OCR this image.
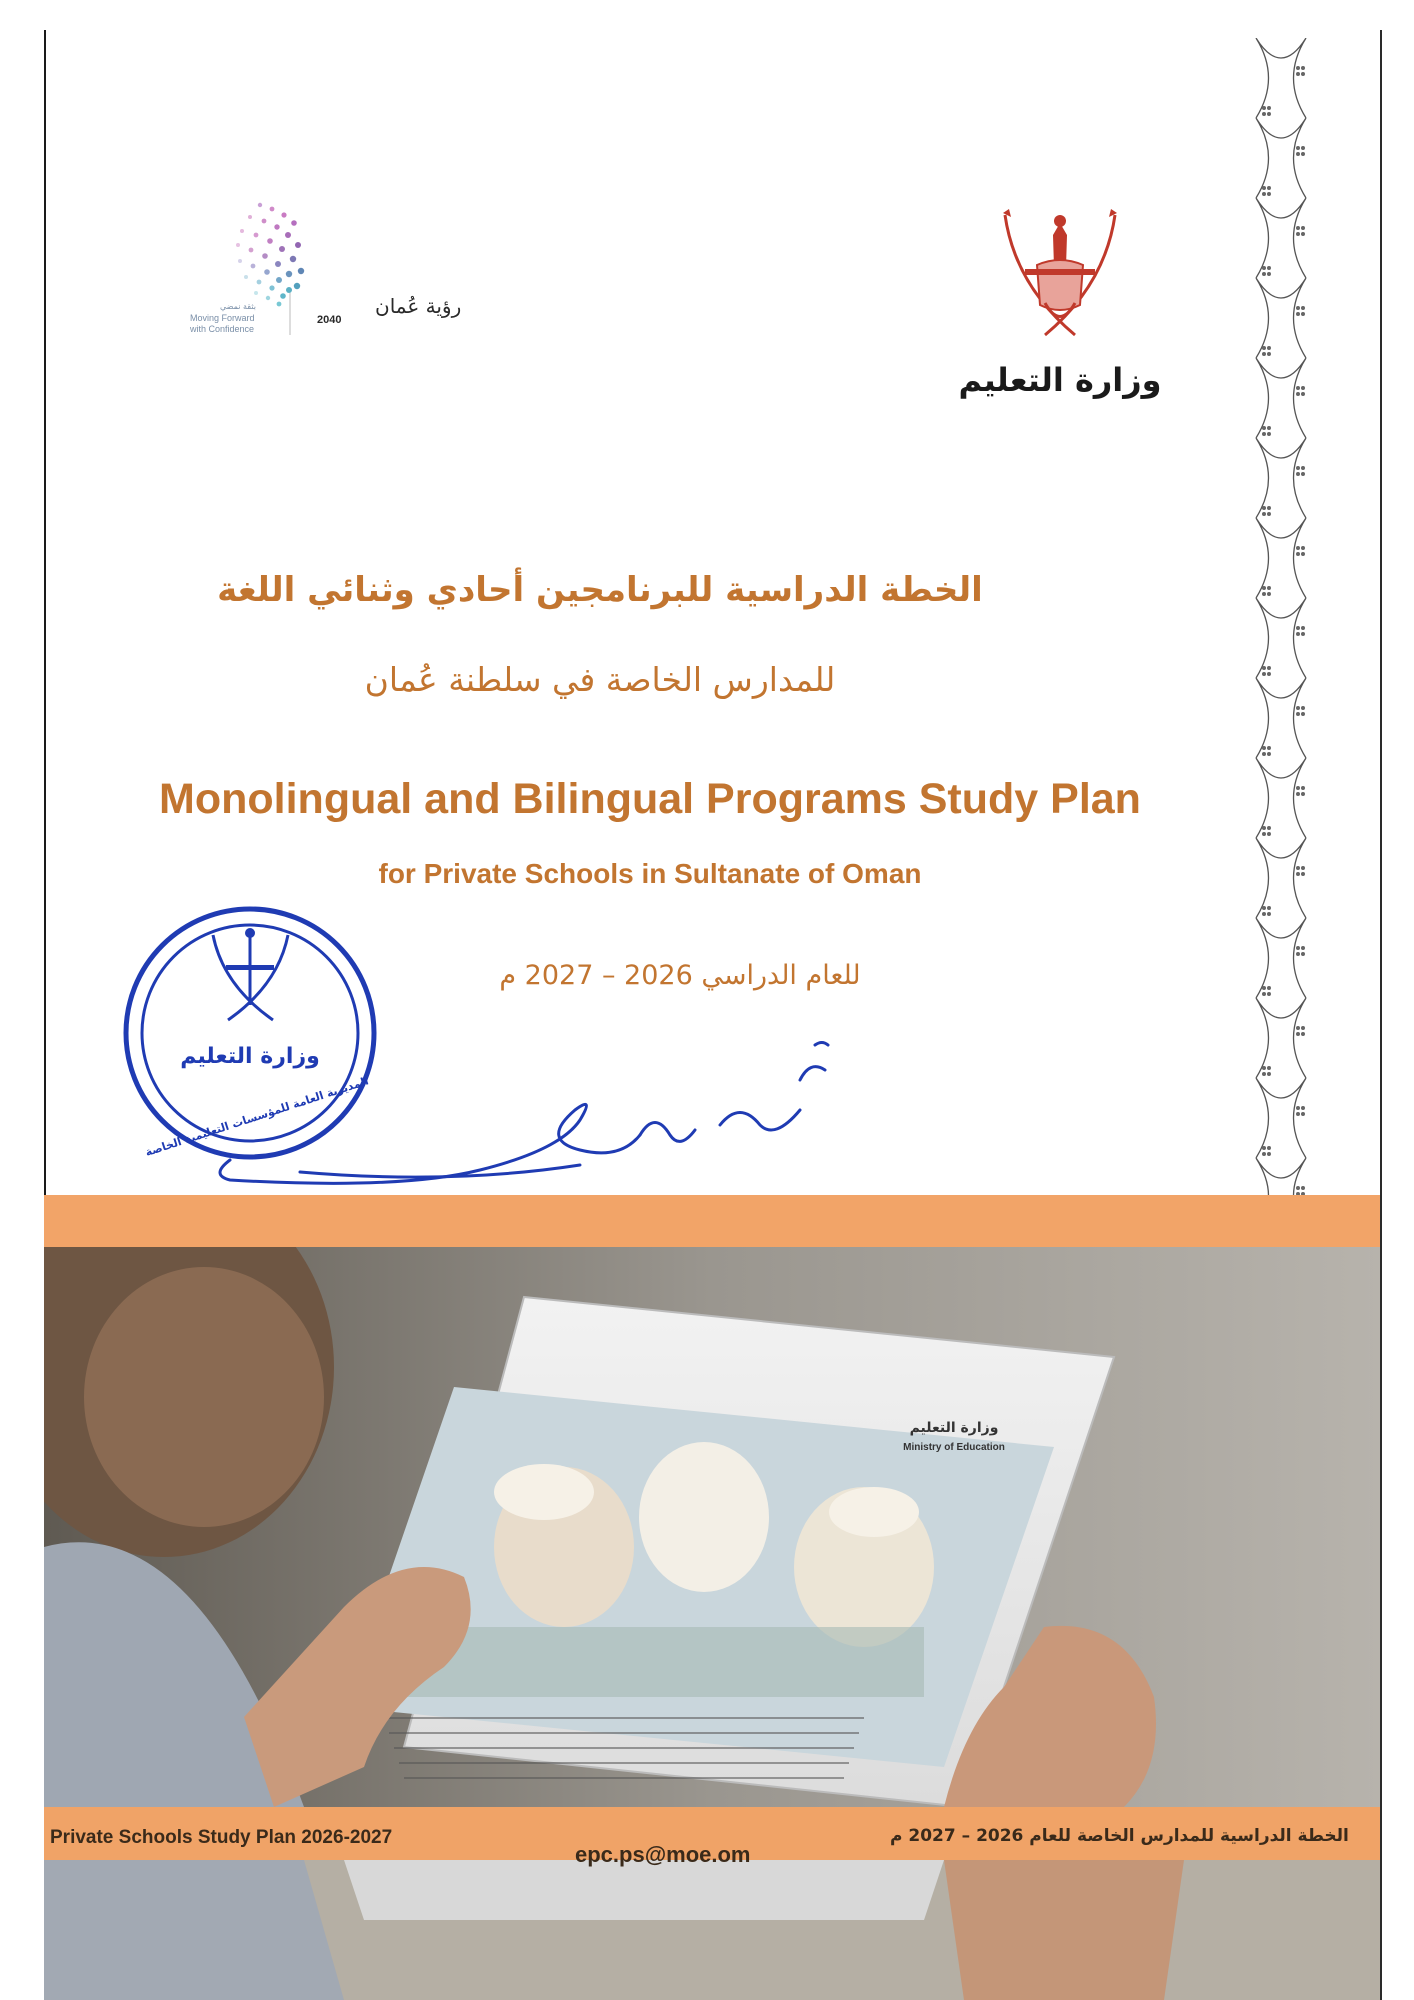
رؤية عُمان
2040
بثقة نمضي
Moving Forward
with Confidence
وزارة التعليم
الخطة الدراسية للبرنامجين أحادي وثنائي اللغة
للمدارس الخاصة في سلطنة عُمان
Monolingual and Bilingual Programs Study Plan
for Private Schools in Sultanate of Oman
للعام الدراسي 2026 – 2027 م
وزارة التعليم
المديرية العامة للمؤسسات التعليمية الخاصة
وزارة التعليم
Ministry of Education
Private Schools Study Plan 2026-2027
epc.ps@moe.om
الخطة الدراسية للمدارس الخاصة للعام 2026 – 2027 م
